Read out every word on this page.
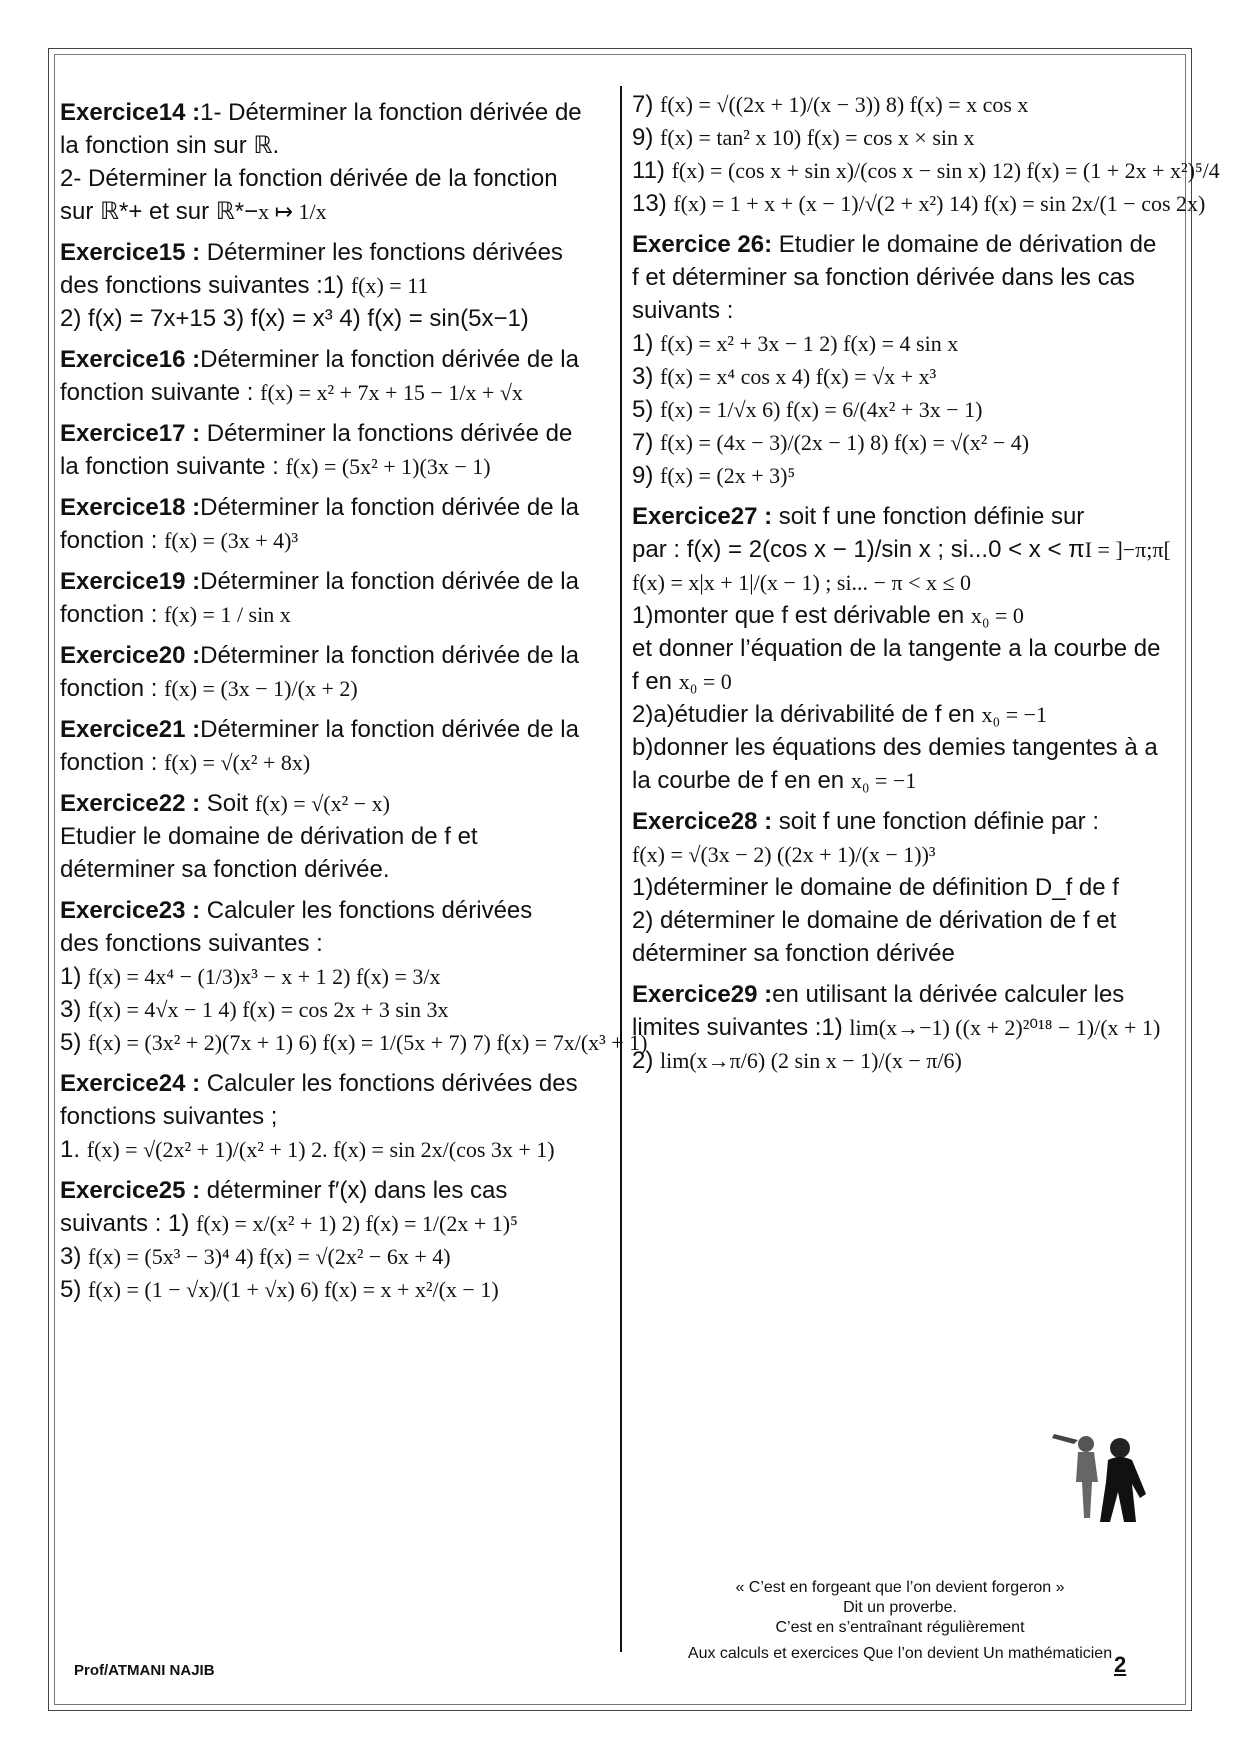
Exercice14 :1- Déterminer la fonction dérivée de
la fonction sin sur ℝ.
2- Déterminer la fonction dérivée de la fonction
sur ℝ*+ et sur ℝ*−x ↦ 1/x
Exercice15 : Déterminer les fonctions dérivées
des fonctions suivantes :1) f(x) = 11
2) f(x) = 7x+15 3) f(x) = x³ 4) f(x) = sin(5x−1)
Exercice16 :Déterminer la fonction dérivée de la
fonction suivante : f(x) = x² + 7x + 15 − 1/x + √x
Exercice17 : Déterminer la fonctions dérivée de
la fonction suivante : f(x) = (5x² + 1)(3x − 1)
Exercice18 :Déterminer la fonction dérivée de la
fonction : f(x) = (3x + 4)³
Exercice19 :Déterminer la fonction dérivée de la
fonction : f(x) = 1 / sin x
Exercice20 :Déterminer la fonction dérivée de la
fonction : f(x) = (3x − 1)/(x + 2)
Exercice21 :Déterminer la fonction dérivée de la
fonction : f(x) = √(x² + 8x)
Exercice22 : Soit f(x) = √(x² − x)
Etudier le domaine de dérivation de f et
déterminer sa fonction dérivée.
Exercice23 : Calculer les fonctions dérivées
des fonctions suivantes :
1) f(x) = 4x⁴ − (1/3)x³ − x + 1 2) f(x) = 3/x
3) f(x) = 4√x − 1 4) f(x) = cos 2x + 3 sin 3x
5) f(x) = (3x² + 2)(7x + 1) 6) f(x) = 1/(5x + 7) 7) f(x) = 7x/(x³ + 1)
Exercice24 : Calculer les fonctions dérivées des
fonctions suivantes ;
1. f(x) = √(2x² + 1)/(x² + 1) 2. f(x) = sin 2x/(cos 3x + 1)
Exercice25 : déterminer f′(x) dans les cas
suivants : 1) f(x) = x/(x² + 1) 2) f(x) = 1/(2x + 1)⁵
3) f(x) = (5x³ − 3)⁴ 4) f(x) = √(2x² − 6x + 4)
5) f(x) = (1 − √x)/(1 + √x) 6) f(x) = x + x²/(x − 1)
7) f(x) = √((2x + 1)/(x − 3)) 8) f(x) = x cos x
9) f(x) = tan² x 10) f(x) = cos x × sin x
11) f(x) = (cos x + sin x)/(cos x − sin x) 12) f(x) = (1 + 2x + x²)⁵/4
13) f(x) = 1 + x + (x − 1)/√(2 + x²) 14) f(x) = sin 2x/(1 − cos 2x)
Exercice 26: Etudier le domaine de dérivation de
f et déterminer sa fonction dérivée dans les cas
suivants :
1) f(x) = x² + 3x − 1 2) f(x) = 4 sin x
3) f(x) = x⁴ cos x 4) f(x) = √x + x³
5) f(x) = 1/√x 6) f(x) = 6/(4x² + 3x − 1)
7) f(x) = (4x − 3)/(2x − 1) 8) f(x) = √(x² − 4)
9) f(x) = (2x + 3)⁵
Exercice27 : soit f une fonction définie sur
par : f(x) = 2(cos x − 1)/sin x ; si...0 < x < πI = ]−π;π[
f(x) = x|x + 1|/(x − 1) ; si... − π < x ≤ 0
1)monter que f est dérivable en x₀ = 0
et donner l’équation de la tangente a la courbe de
f en x₀ = 0
2)a)étudier la dérivabilité de f en x₀ = −1
b)donner les équations des demies tangentes à a
la courbe de f en en x₀ = −1
Exercice28 : soit f une fonction définie par :
f(x) = √(3x − 2) ((2x + 1)/(x − 1))³
1)déterminer le domaine de définition D_f de f
2) déterminer le domaine de dérivation de f et
déterminer sa fonction dérivée
Exercice29 :en utilisant la dérivée calculer les
limites suivantes :1) lim(x→−1) ((x + 2)²⁰¹⁸ − 1)/(x + 1)
2) lim(x→π/6) (2 sin x − 1)/(x − π/6)
« C’est en forgeant que l’on devient forgeron »
Dit un proverbe.
C’est en s’entraînant régulièrement
Aux calculs et exercices Que l’on devient Un mathématicien
Prof/ATMANI NAJIB	2
